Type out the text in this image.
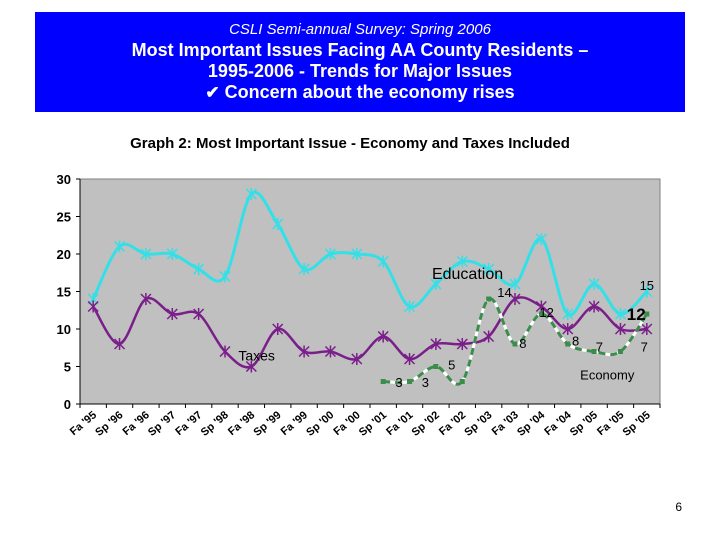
CSLI Semi-annual Survey: Spring 2006
Most Important Issues Facing AA County Residents –
1995-2006 - Trends for Major Issues
✔ Concern about the economy rises
Graph 2: Most Important Issue - Economy and Taxes Included
0
5
10
15
20
25
30
Fa '95
Sp '96
Fa '96
Sp '97
Fa '97
Sp '98
Fa '98
Sp '99
Fa '99
Sp '00
Fa '00
Sp '01
Fa '01
Sp '02
Fa '02
Sp '03
Fa '03
Sp '04
Fa '04
Sp '05
Fa '05
Sp '05
14
12
15
12
8	8 7	7
3 3
5
Education
Taxes
Economy
6
